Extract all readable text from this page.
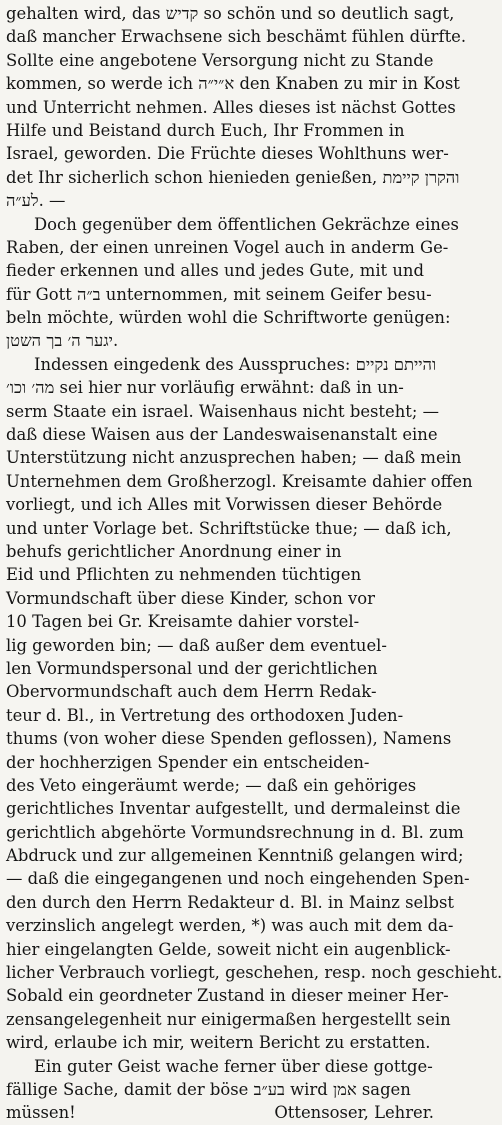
gehalten wird, das קדיש so schön und so deutlich sagt,
daß mancher Erwachsene sich beschämt fühlen dürfte.
Sollte eine angebotene Versorgung nicht zu Stande
kommen, so werde ich א״י״ה den Knaben zu mir in Kost
und Unterricht nehmen. Alles dieses ist nächst Gottes
Hilfe und Beistand durch Euch, Ihr Frommen in
Israel, geworden. Die Früchte dieses Wohlthuns wer-
det Ihr sicherlich schon hienieden genießen, והקרן קיימת
לע״ה. —
Doch gegenüber dem öffentlichen Gekrächze eines
Raben, der einen unreinen Vogel auch in anderm Ge-
fieder erkennen und alles und jedes Gute, mit und
für Gott ב״ה unternommen, mit seinem Geifer besu-
beln möchte, würden wohl die Schriftworte genügen:
יגער ה׳ בך השטן.
Indessen eingedenk des Ausspruches: והייתם נקיים
מה׳ וכו׳ sei hier nur vorläufig erwähnt: daß in un-
serm Staate ein israel. Waisenhaus nicht besteht; —
daß diese Waisen aus der Landeswaisenanstalt eine
Unterstützung nicht anzusprechen haben; — daß mein
Unternehmen dem Großherzogl. Kreisamte dahier offen
vorliegt, und ich Alles mit Vorwissen dieser Behörde
und unter Vorlage bet. Schriftstücke thue; — daß ich,
behufs gerichtlicher Anordnung einer in
Eid und Pflichten zu nehmenden tüchtigen
Vormundschaft über diese Kinder, schon vor
10 Tagen bei Gr. Kreisamte dahier vorstel-
lig geworden bin; — daß außer dem eventuel-
len Vormundspersonal und der gerichtlichen
Obervormundschaft auch dem Herrn Redak-
teur d. Bl., in Vertretung des orthodoxen Juden-
thums (von woher diese Spenden geflossen), Namens
der hochherzigen Spender ein entscheiden-
des Veto eingeräumt werde; — daß ein gehöriges
gerichtliches Inventar aufgestellt, und dermaleinst die
gerichtlich abgehörte Vormundsrechnung in d. Bl. zum
Abdruck und zur allgemeinen Kenntniß gelangen wird;
— daß die eingegangenen und noch eingehenden Spen-
den durch den Herrn Redakteur d. Bl. in Mainz selbst
verzinslich angelegt werden, *) was auch mit dem da-
hier eingelangten Gelde, soweit nicht ein augenblick-
licher Verbrauch vorliegt, geschehen, resp. noch geschieht.
Sobald ein geordneter Zustand in dieser meiner Her-
zensangelegenheit nur einigermaßen hergestellt sein
wird, erlaube ich mir, weitern Bericht zu erstatten.
Ein guter Geist wache ferner über diese gottge-
fällige Sache, damit der böse בע״ב wird אמן sagen
müssen!	Ottensoser, Lehrer.
